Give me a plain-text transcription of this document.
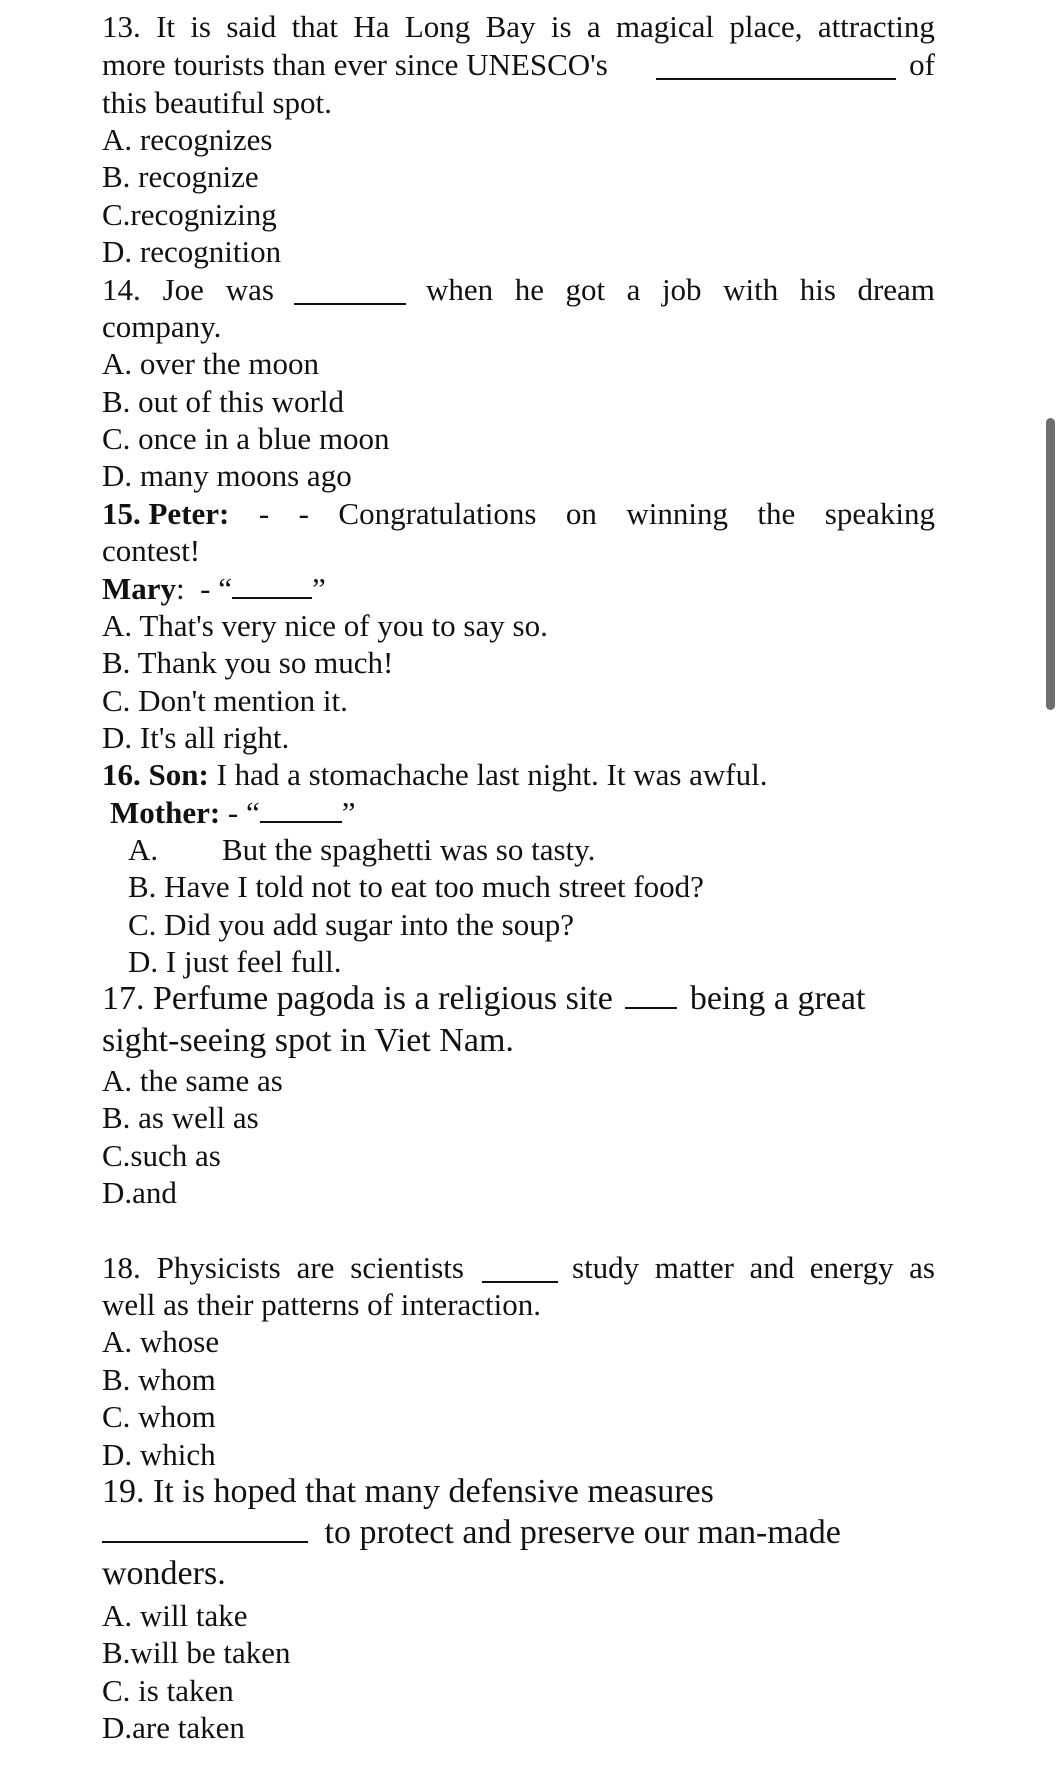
13. It is said that Ha Long Bay is a magical place, attracting
more tourists than ever since UNESCO's	of
this beautiful spot.
A. recognizes
B. recognize
C.recognizing
D. recognition
14. Joe was	when he got a job with his dream
company.
A. over the moon
B. out of this world
C. once in a blue moon
D. many moons ago
15. Peter: - - Congratulations on winning the speaking
contest!
Mary:  - “	”
A. That's very nice of you to say so.
B. Thank you so much!
C. Don't mention it.
D. It's all right.
16. Son: I had a stomachache last night. It was awful.
Mother: - “	”
A. But the spaghetti was so tasty.
B. Have I told not to eat too much street food?
C. Did you add sugar into the soup?
D. I just feel full.
17. Perfume pagoda is a religious site being a great
sight-seeing spot in Viet Nam.
A. the same as
B. as well as
C.such as
D.and
18. Physicists are scientists	study matter and energy as
well as their patterns of interaction.
A. whose
B. whom
C. whom
D. which
19. It is hoped that many defensive measures
to protect and preserve our man-made
wonders.
A. will take
B.will be taken
C. is taken
D.are taken
